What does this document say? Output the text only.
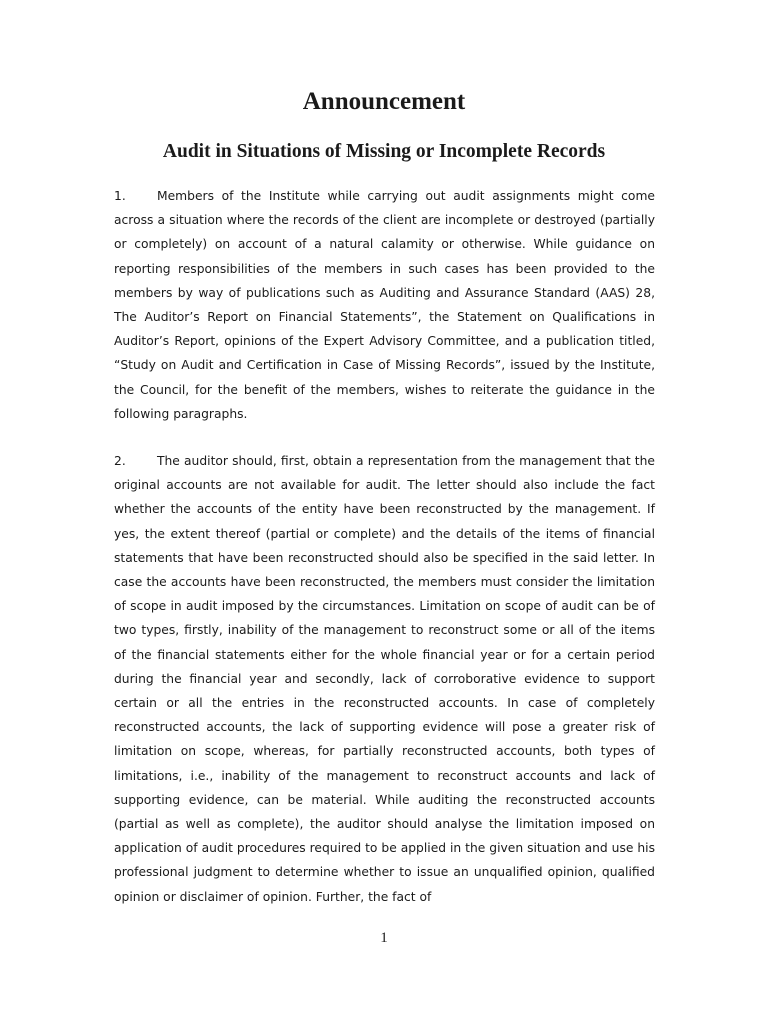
Announcement
Audit in Situations of Missing or Incomplete Records

1.	Members of the Institute while carrying out audit assignments might come across a situation where the records of the client are incomplete or destroyed (partially or completely) on account of a natural calamity or otherwise. While guidance on reporting responsibilities of the members in such cases has been provided to the members by way of publications such as Auditing and Assurance Standard (AAS) 28, The Auditor’s Report on Financial Statements”, the Statement on Qualifications in Auditor’s Report, opinions of the Expert Advisory Committee, and a publication titled, “Study on Audit and Certification in Case of Missing Records”, issued by the Institute, the Council, for the benefit of the members, wishes to reiterate the guidance in the following paragraphs.

2.	The auditor should, first, obtain a representation from the management that the original accounts are not available for audit. The letter should also include the fact whether the accounts of the entity have been reconstructed by the management. If yes, the extent thereof (partial or complete) and the details of the items of financial statements that have been reconstructed should also be specified in the said letter. In case the accounts have been reconstructed, the members must consider the limitation of scope in audit imposed by the circumstances. Limitation on scope of audit can be of two types, firstly, inability of the management to reconstruct some or all of the items of the financial statements either for the whole financial year or for a certain period during the financial year and secondly, lack of corroborative evidence to support certain or all the entries in the reconstructed accounts. In case of completely reconstructed accounts, the lack of supporting evidence will pose a greater risk of limitation on scope, whereas, for partially reconstructed accounts, both types of limitations, i.e., inability of the management to reconstruct accounts and lack of supporting evidence, can be material. While auditing the reconstructed accounts (partial as well as complete), the auditor should analyse the limitation imposed on application of audit procedures required to be applied in the given situation and use his professional judgment to determine whether to issue an unqualified opinion, qualified opinion or disclaimer of opinion. Further, the fact of

1
